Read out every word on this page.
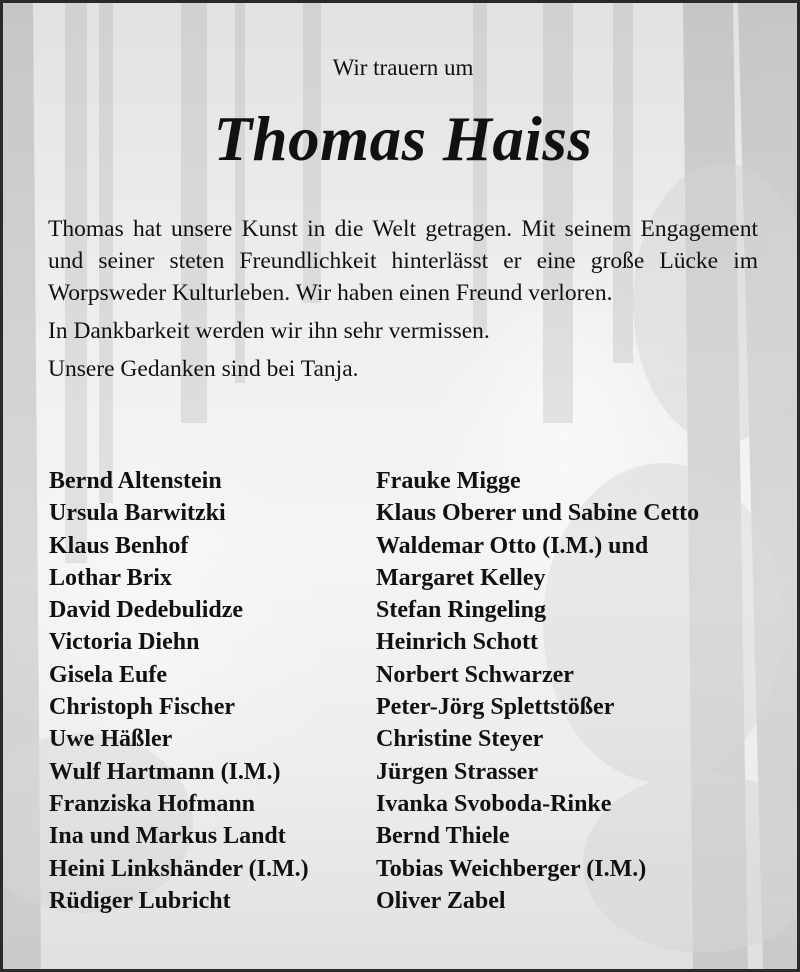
Wir trauern um
Thomas Haiss

Thomas hat unsere Kunst in die Welt getragen. Mit seinem Engagement und seiner steten Freundlichkeit hinterlässt er eine große Lücke im Worpsweder Kulturleben. Wir haben einen Freund verloren.

In Dankbarkeit werden wir ihn sehr vermissen.

Unsere Gedanken sind bei Tanja.

Bernd Altenstein
Ursula Barwitzki
Klaus Benhof
Lothar Brix
David Dedebulidze
Victoria Diehn
Gisela Eufe
Christoph Fischer
Uwe Häßler
Wulf Hartmann (I.M.)
Franziska Hofmann
Ina und Markus Landt
Heini Linkshänder (I.M.)
Rüdiger Lubricht
Frauke Migge
Klaus Oberer und Sabine Cetto
Waldemar Otto (I.M.) und
Margaret Kelley
Stefan Ringeling
Heinrich Schott
Norbert Schwarzer
Peter-Jörg Splettstößer
Christine Steyer
Jürgen Strasser
Ivanka Svoboda-Rinke
Bernd Thiele
Tobias Weichberger (I.M.)
Oliver Zabel
